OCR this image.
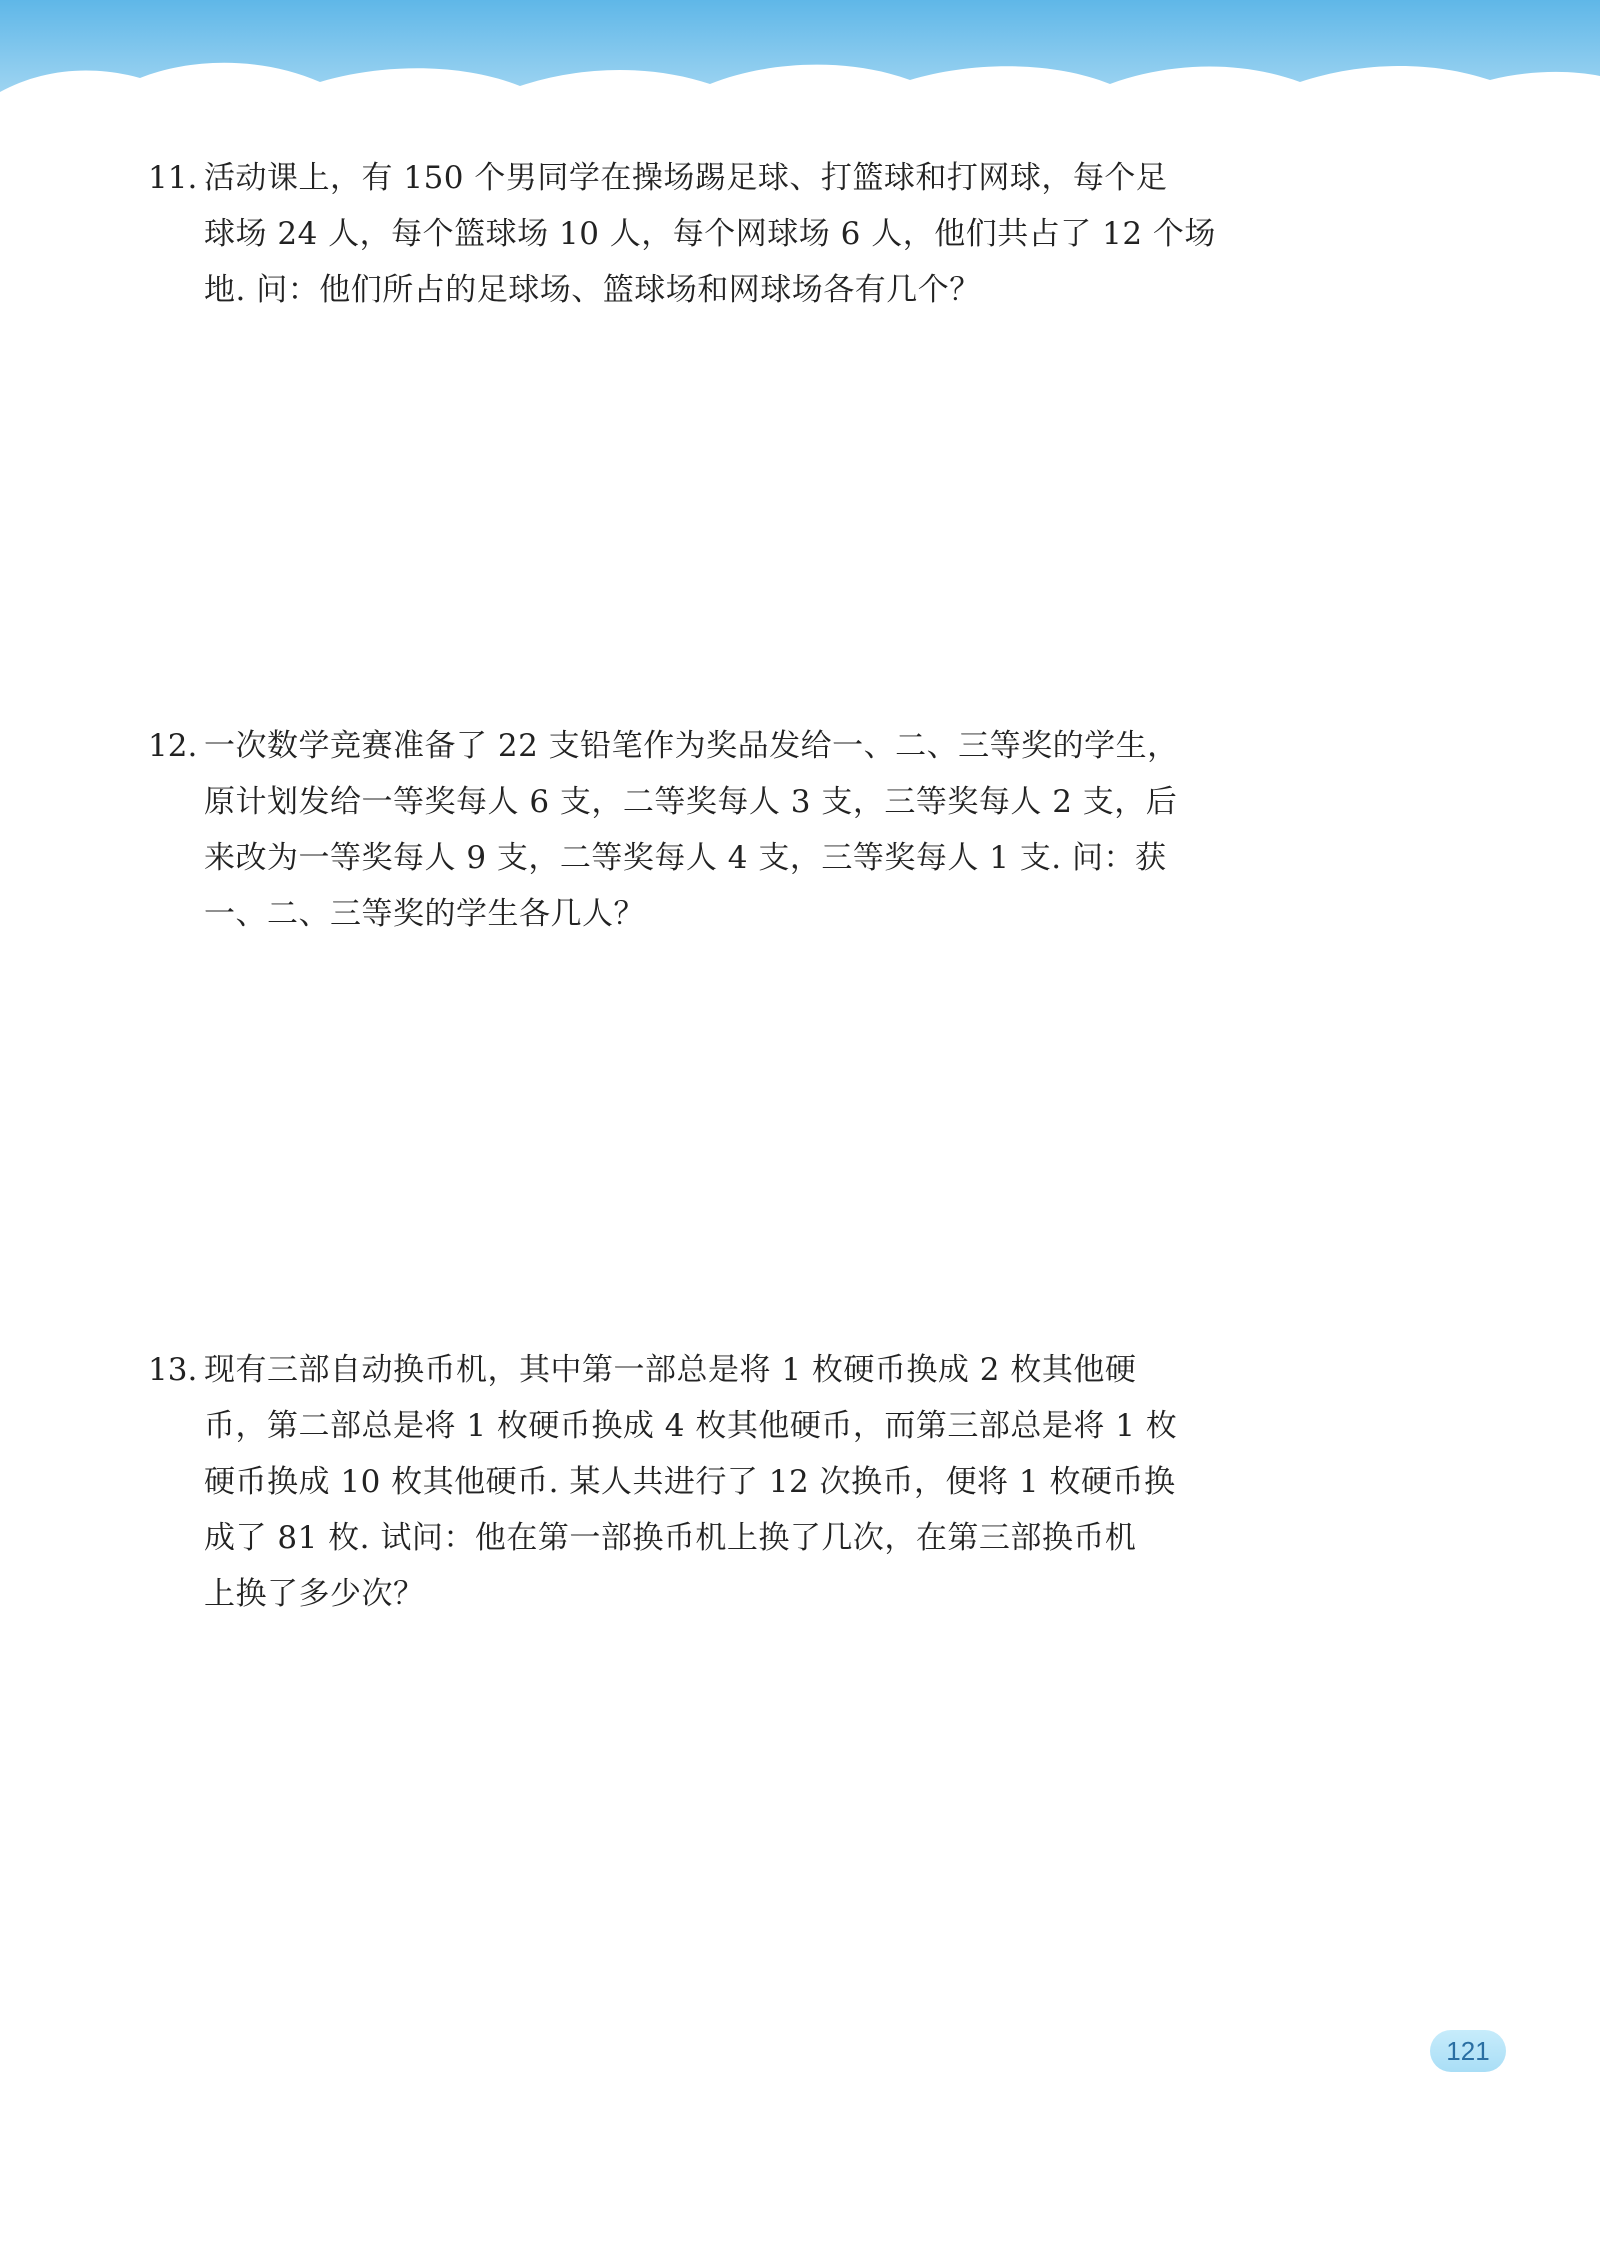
11. 活动课上，有 150 个男同学在操场踢足球、打篮球和打网球，每个足
球场 24 人，每个篮球场 10 人，每个网球场 6 人，他们共占了 12 个场
地. 问：他们所占的足球场、篮球场和网球场各有几个？
12. 一次数学竞赛准备了 22 支铅笔作为奖品发给一、二、三等奖的学生，
原计划发给一等奖每人 6 支，二等奖每人 3 支，三等奖每人 2 支，后
来改为一等奖每人 9 支，二等奖每人 4 支，三等奖每人 1 支. 问：获
一、二、三等奖的学生各几人？
13. 现有三部自动换币机，其中第一部总是将 1 枚硬币换成 2 枚其他硬
币，第二部总是将 1 枚硬币换成 4 枚其他硬币，而第三部总是将 1 枚
硬币换成 10 枚其他硬币. 某人共进行了 12 次换币，便将 1 枚硬币换
成了 81 枚. 试问：他在第一部换币机上换了几次，在第三部换币机
上换了多少次？
121
